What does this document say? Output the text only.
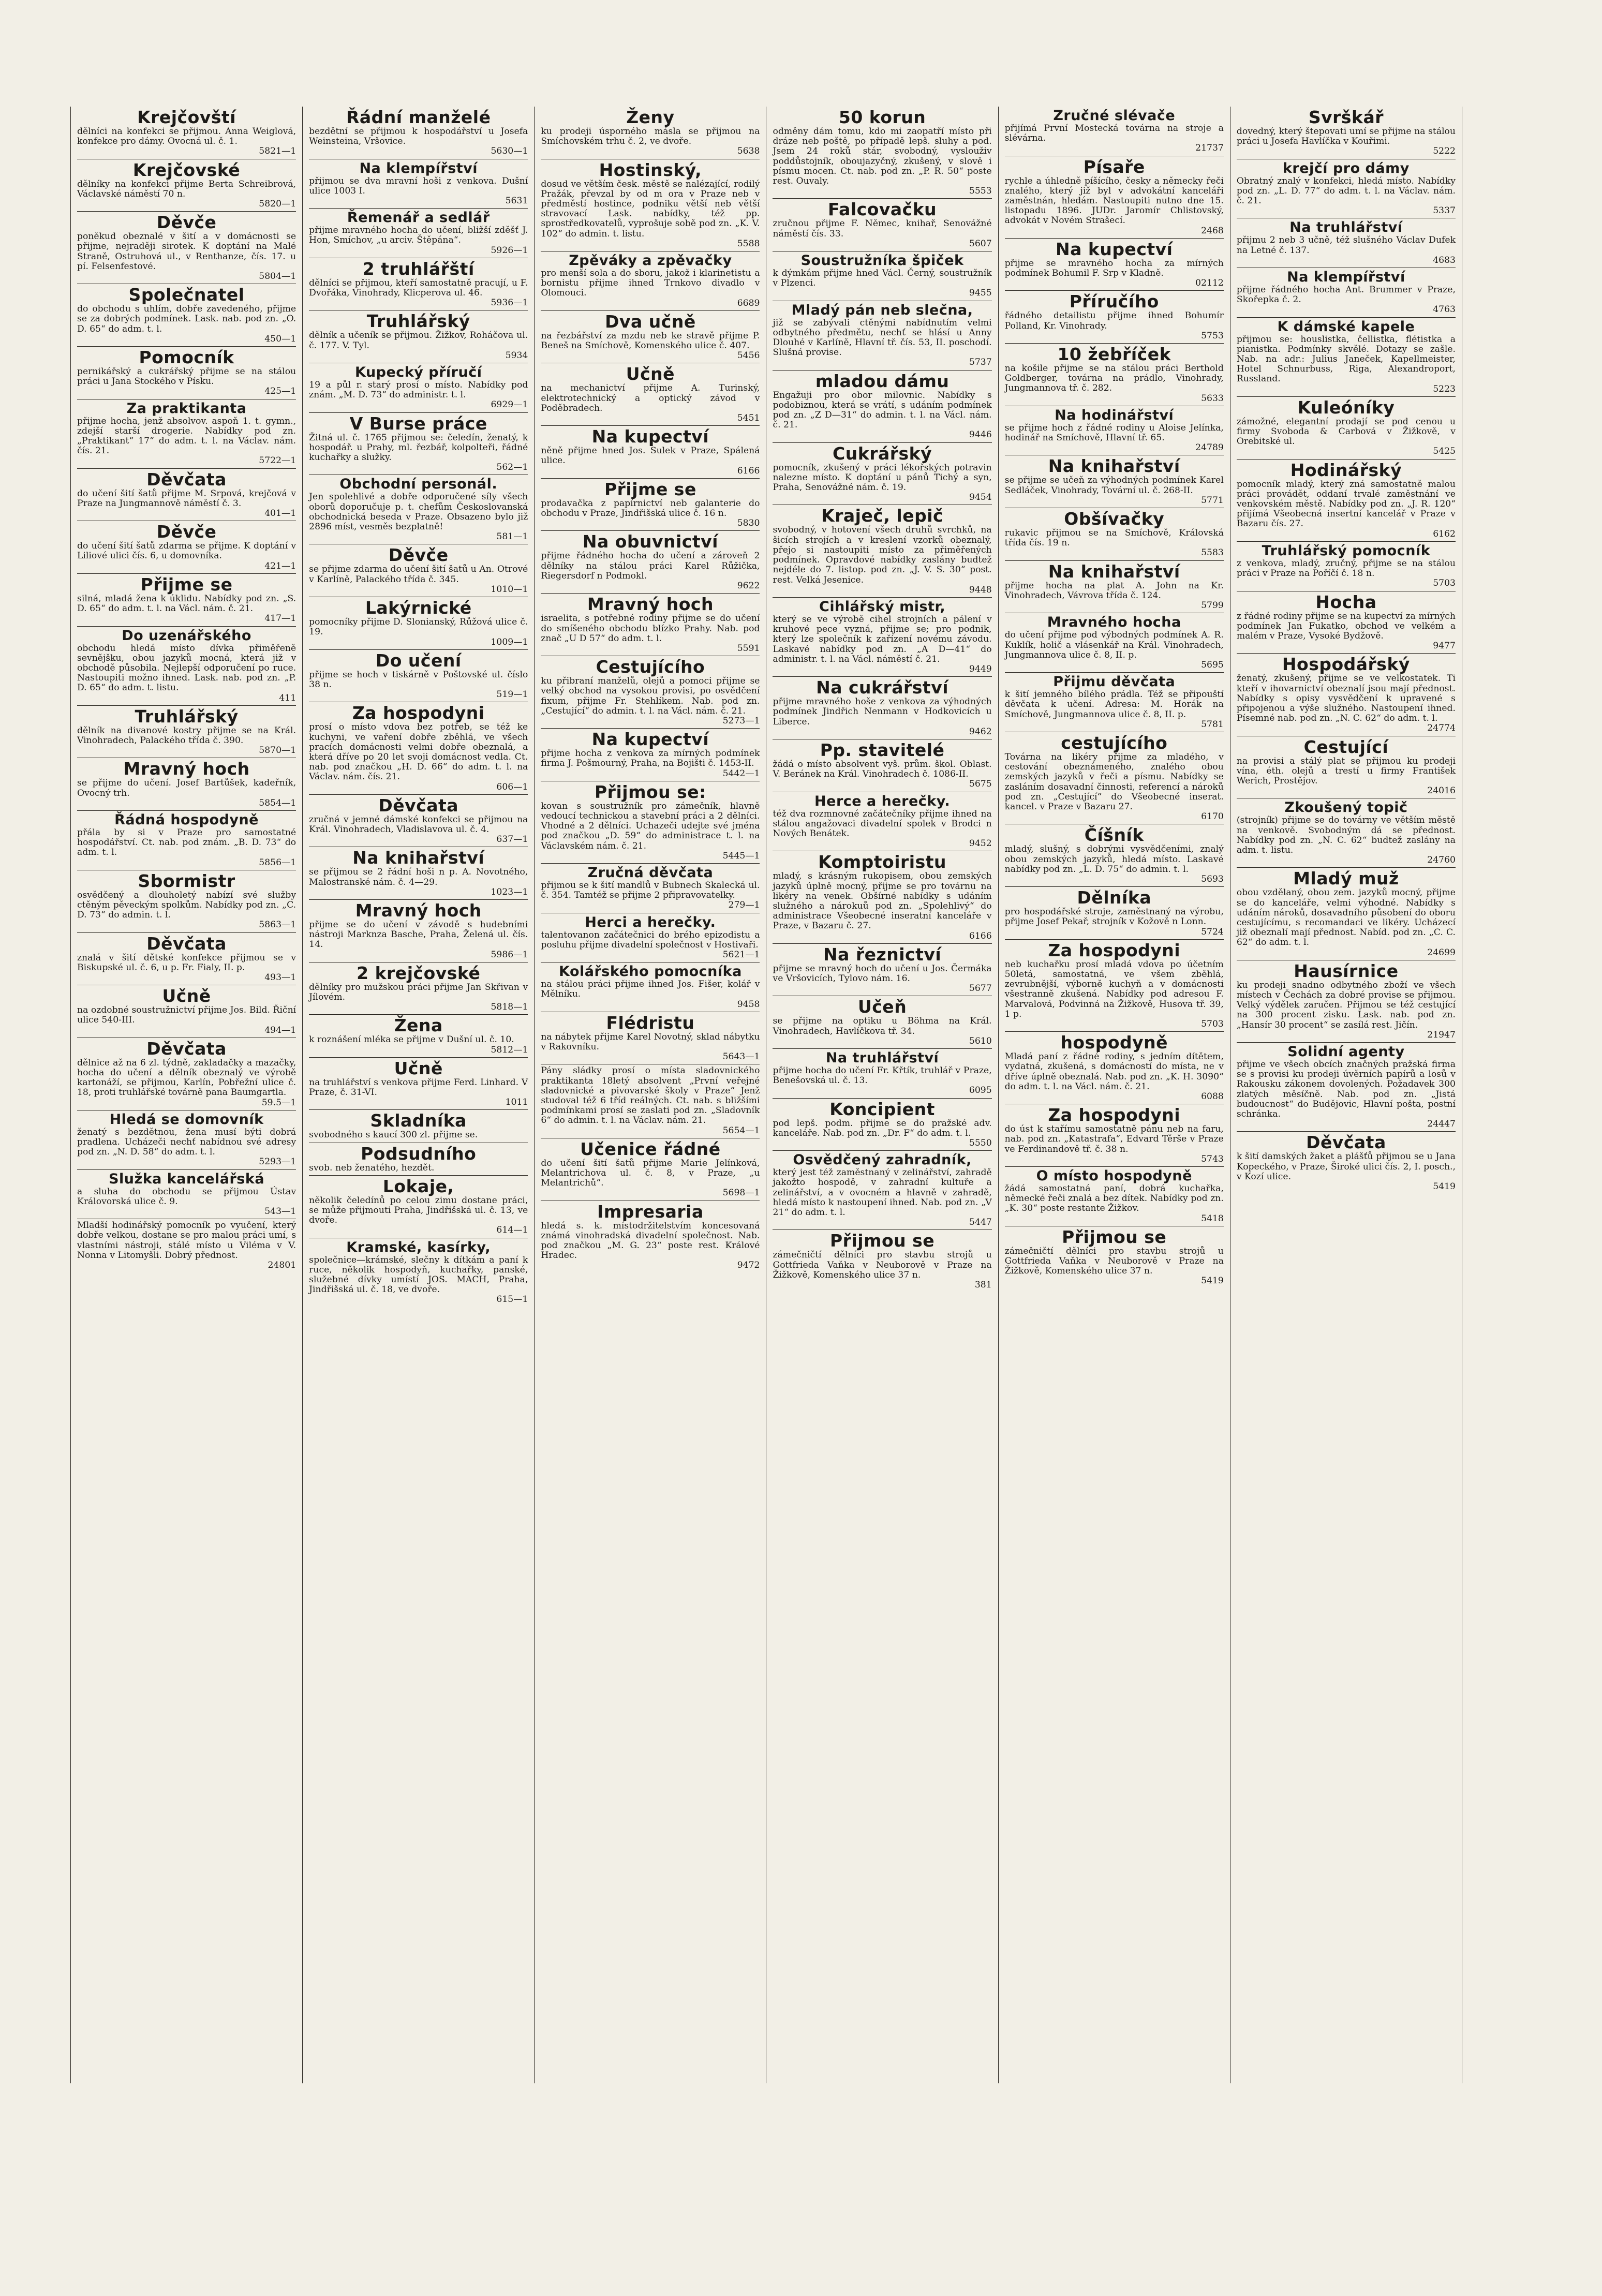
Krejčovští

dělníci na konfekci se přijmou. Anna Weiglová, konfekce pro dámy. Ovocná ul. č. 1.

5821—1

Krejčovské

dělníky na konfekci přijme Berta Schreibrová, Václavské náměstí 70 n.

5820—1

Děvče

poněkud obeznalé v šití a v domácnosti se přijme, nejraději sirotek. K doptání na Malé Straně, Ostruhová ul., v Renthanze, čís. 17. u pí. Felsenfestové.

5804—1

Společnatel

do obchodu s uhlím, dobře zavedeného, přijme se za dobrých podmínek. Lask. nab. pod zn. „O. D. 65“ do adm. t. l.

450—1

Pomocník

pernikářský a cukrářský přijme se na stálou práci u Jana Stockého v Písku.

425—1

Za praktikanta

přijme hocha, jenž absolvov. aspoň 1. t. gymn., zdejší starší drogerie. Nabídky pod zn. „Praktikant“ 17“ do adm. t. l. na Václav. nám. čís. 21.

5722—1

Děvčata

do učení šití šatů přijme M. Srpová, krejčová v Praze na Jungmannově náměstí č. 3.

401—1

Děvče

do učení šití šatů zdarma se přijme. K doptání v Liliové ulici čís. 6, u domovníka.

421—1

Přijme se

silná, mladá žena k úklidu. Nabídky pod zn. „S. D. 65“ do adm. t. l. na Václ. nám. č. 21.

417—1

Do uzenářského

obchodu hledá místo dívka přiměřeně sevnějšku, obou jazyků mocná, která již v obchodě působila. Nejlepší odporučení po ruce. Nastoupiti možno ihned. Lask. nab. pod zn. „P. D. 65“ do adm. t. listu.

411

Truhlářský

dělník na divanové kostry přijme se na Král. Vinohradech, Palackého třída č. 390.

5870—1

Mravný hoch

se přijme do učení. Josef Bartůšek, kadeřník, Ovocný trh.

5854—1

Řádná hospodyně

přála by si v Praze pro samostatné hospodářství. Ct. nab. pod znám. „B. D. 73“ do adm. t. l.

5856—1

Sbormistr

osvědčený a dlouholetý nabízí své služby ctěným pěveckým spolkům. Nabídky pod zn. „C. D. 73“ do admin. t. l.

5863—1

Děvčata

znalá v šití dětské konfekce přijmou se v Biskupské ul. č. 6, u p. Fr. Fialy, II. p.

493—1

Učně

na ozdobné soustružnictví přijme Jos. Bild. Řiční ulice 540-III.

494—1

Děvčata

dělnice až na 6 zl. týdně, zakladačky a mazačky, hocha do učení a dělník obeznalý ve výrobě kartonáží, se přijmou, Karlín, Pobřežní ulice č. 18, proti truhlářské továrně pana Baumgartla.

59.5—1

Hledá se domovník

ženatý s bezdětnou, žena musí býti dobrá pradlena. Ucházeči nechť nabídnou své adresy pod zn. „N. D. 58“ do adm. t. l.

5293—1

Služka kancelářská

a sluha do obchodu se přijmou Ústav Královorská ulice č. 9.

543—1

Mladší hodinářský pomocník po vyučení, který dobře velkou, dostane se pro malou práci umí, s vlastními nástroji, stálé místo u Viléma v V. Nonna v Litomyšli. Dobrý přednost.

24801

Řádní manželé

bezdětní se přijmou k hospodářství u Josefa Weinsteina, Vršovice.

5630—1

Na klempířství

přijmou se dva mravní hoši z venkova. Dušní ulice 1003 I.

5631

Řemenář a sedlář

přijme mravného hocha do učení, bližší zděšť J. Hon, Smíchov, „u arciv. Štěpána“.

5926—1

2 truhlářští

dělníci se přijmou, kteří samostatně pracují, u F. Dvořáka, Vinohrady, Klicperova ul. 46.

5936—1

Truhlářský

dělník a učeník se přijmou. Žižkov, Roháčova ul. č. 177. V. Tyl.

5934

Kupecký příručí

19 a půl r. starý prosí o místo. Nabídky pod znám. „M. D. 73“ do administr. t. l.

6929—1

V Burse práce

Žitná ul. č. 1765 přijmou se: čeledín, ženatý, k hospodář. u Prahy, ml. řezbář, kolpolteři, řádné kuchařky a služky.

562—1

Obchodní personál.

Jen spolehlivé a dobře odporučené síly všech oborů doporučuje p. t. chefům Českoslovanská obchodnická beseda v Praze. Obsazeno bylo již 2896 míst, vesměs bezplatně!

581—1

Děvče

se přijme zdarma do učení šití šatů u An. Otrové v Karlíně, Palackého třída č. 345.

1010—1

Lakýrnické

pomocníky přijme D. Slonianský, Růžová ulice č. 19.

1009—1

Do učení

přijme se hoch v tiskárně v Poštovské ul. číslo 38 n.

519—1

Za hospodyni

prosí o místo vdova bez potřeb, se též ke kuchyni, ve vaření dobře zběhlá, ve všech pracích domácnosti velmi dobře obeznalá, a která dříve po 20 let svoji domácnost vedla. Ct. nab. pod značkou „H. D. 66“ do adm. t. l. na Václav. nám. čís. 21.

606—1

Děvčata

zručná v jemné dámské konfekci se přijmou na Král. Vinohradech, Vladislavova ul. č. 4.

637—1

Na knihařství

se přijmou se 2 řádní hoši n p. A. Novotného, Malostranské nám. č. 4—29.

1023—1

Mravný hoch

přijme se do učení v závodě s hudebními nástroji Marknza Basche, Praha, Želená ul. čís. 14.

5986—1

2 krejčovské

dělníky pro mužskou práci přijme Jan Skřivan v Jílovém.

5818—1

Žena

k roznášení mléka se přijme v Dušní ul. č. 10.

5812—1

Učně

na truhlářství s venkova přijme Ferd. Linhard. V Praze, č. 31-VI.

1011

Skladníka

svobodného s kaucí 300 zl. přijme se.

Podsudního

svob. neb ženatého, hezdět.

Lokaje,

několik čeledínů po celou zimu dostane práci, se může přijmouti Praha, Jindřišská ul. č. 13, ve dvoře.

614—1

Kramské, kasírky,

společnice—krámské, slečny k dítkám a paní k ruce, několik hospodyň, kuchařky, panské, služebné dívky umístí JOS. MACH, Praha, Jindřišská ul. č. 18, ve dvoře.

615—1

Ženy

ku prodeji úsporného másla se přijmou na Smíchovském trhu č. 2, ve dvoře.

5638

Hostinský,

dosud ve větším česk. městě se nalézající, rodilý Pražák, převzal by od m ora v Praze neb v předměstí hostince, podniku větší neb větší stravovací Lask. nabídky, též pp. sprostředkovatelů, vyprošuje sobě pod zn. „K. V. 102“ do admin. t. listu.

5588

Zpěváky a zpěvačky

pro menší sola a do sboru, jakož i klarinetistu a bornistu přijme ihned Trnkovo divadlo v Olomouci.

6689

Dva učně

na řezbářství za mzdu neb ke stravě přijme P. Beneš na Smíchově, Komenského ulice č. 407.

5456

Učně

na mechanictví přijme A. Turinský, elektrotechnický a optický závod v Poděbradech.

5451

Na kupectví

něně přijme hned Jos. Sulek v Praze, Spálená ulice.

6166

Přijme se

prodavačka z papírnictví neb galanterie do obchodu v Praze, Jindřišská ulice č. 16 n.

5830

Na obuvnictví

přijme řádného hocha do učení a zároveň 2 dělníky na stálou práci Karel Růžička, Riegersdorf n Podmokl.

9622

Mravný hoch

israelita, s potřebné rodiny přijme se do učení do smíšeného obchodu blízko Prahy. Nab. pod znač „U D 57“ do adm. t. l.

5591

Cestujícího

ku přibraní manželů, olejů a pomoci přijme se velký obchod na vysokou provisi, po osvědčení fixum, přijme Fr. Stehlíkem. Nab. pod zn. „Cestující“ do admin. t. l. na Václ. nám. č. 21.

5273—1

Na kupectví

přijme hocha z venkova za mírných podmínek firma J. Pošmourný, Praha, na Bojišti č. 1453-II.

5442—1

Přijmou se:

kovan s soustružník pro zámečník, hlavně vedoucí technickou a stavební práci a 2 dělníci. Vhodné a 2 dělníci. Uchazeči udejte své jména pod značkou „D. 59“ do administrace t. l. na Václavském nám. č. 21.

5445—1

Zručná děvčata

přijmou se k šití mandlů v Bubnech Skalecká ul. č. 354. Tamtéž se přijme 2 připravovatelky.

279—1

Herci a herečky.

talentovanon začátečnici do brého epizodistu a posluhu přijme divadelní společnost v Hostivaři.

5621—1

Kolářského pomocníka

na stálou práci přijme ihned Jos. Fišer, kolář v Mělníku.

9458

Flédristu

na nábytek přijme Karel Novotný, sklad nábytku v Rakovníku.

5643—1

Pány sládky prosí o místa sladovnického praktikanta 18letý absolvent „První veřejné sladovnické a pivovarské školy v Praze“ Jenž studoval též 6 tříd reálných. Ct. nab. s bližšími podmínkami prosí se zaslati pod zn. „Sladovník 6“ do admin. t. l. na Václav. nám. 21.

5654—1

Učenice řádné

do učení šití šatů přijme Marie Jelínková, Melantrichova ul. č. 8, v Praze, „u Melantrichů“.

5698—1

Impresaria

hledá s. k. místodržitelstvím koncesovaná známá vinohradská divadelní společnost. Nab. pod značkou „M. G. 23“ poste rest. Králové Hradec.

9472

50 korun

odměny dám tomu, kdo mi zaopatří místo při dráze neb poště, po případě lepš. sluhy a pod. Jsem 24 roků stár, svobodný, vyslouživ poddůstojník, oboujazyčný, zkušený, v slově i písmu mocen. Ct. nab. pod zn. „P. R. 50“ poste rest. Ouvaly.

5553

Falcovačku

zručnou přijme F. Němec, knihař, Senovážné náměstí čís. 33.

5607

Soustružníka špiček

k dýmkám přijme hned Václ. Černý, soustružník v Plzenci.

9455

Mladý pán neb slečna,

již se zabývali ctěnými nabídnutím velmi odbytného předmětu, nechť se hlásí u Anny Dlouhé v Karlíně, Hlavní tř. čís. 53, II. poschodí. Slušná provise.

5737

mladou dámu

Engažuji pro obor milovnic. Nabídky s podobiznou, která se vrátí, s udáním podmínek pod zn. „Z D—31“ do admin. t. l. na Václ. nám. č. 21.

9446

Cukrářský

pomocník, zkušený v práci lékořských potravin nalezne místo. K doptání u pánů Tichý a syn, Praha, Senovážné nám. č. 19.

9454

Kraječ, lepič

svobodný, v hotovení všech druhů svrchků, na šicích strojích a v kreslení vzorků obeznalý, přejo si nastoupiti místo za přiměřených podmínek. Opravdové nabídky zaslány budtež nejdéle do 7. listop. pod zn. „J. V. S. 30“ post. rest. Velká Jesenice.

9448

Cihlářský mistr,

který se ve výrobě cihel strojních a pálení v kruhové pece vyzná, přijme se; pro podnik, který lze společník k zařízení novému závodu. Laskavé nabídky pod zn. „A D—41“ do administr. t. l. na Václ. náměstí č. 21.

9449

Na cukrářství

přijme mravného hoše z venkova za výhodných podmínek Jindřich Nenmann v Hodkovicích u Liberce.

9462

Pp. stavitelé

žádá o místo absolvent vyš. prům. škol. Oblast. V. Beránek na Král. Vinohradech č. 1086-II.

5675

Herce a herečky.

též dva rozmnovné začátečníky přijme ihned na stálou angažovaci divadelní spolek v Brodci n Nových Benátek.

9452

Komptoiristu

mladý, s krásným rukopisem, obou zemských jazyků úplně mocný, přijme se pro továrnu na likéry na venek. Obšírné nabídky s udáním služného a nárokuů pod zn. „Spolehlivý“ do administrace Všeobecné inseratní kanceláře v Praze, v Bazaru č. 27.

6166

Na řeznictví

přijme se mravný hoch do učení u Jos. Čermáka ve Vršovicích, Tylovo nám. 16.

5677

Učeň

se přijme na optiku u Böhma na Král. Vinohradech, Havlíčkova tř. 34.

5610

Na truhlářství

přijme hocha do učení Fr. Křtík, truhlář v Praze, Benešovská ul. č. 13.

6095

Koncipient

pod lepš. podm. přijme se do pražské adv. kanceláře. Nab. pod zn. „Dr. F“ do adm. t. l.

5550

Osvědčený zahradník,

který jest též zaměstnaný v zelinářství, zahradě jakožto hospodě, v zahradní kultuře a zelinářství, a v ovocném a hlavně v zahradě, hledá místo k nastoupení ihned. Nab. pod zn. „V 21“ do adm. t. l.

5447

Přijmou se

zámečničtí dělníci pro stavbu strojů u Gottfrieda Vaňka v Neuborově v Praze na Žižkově, Komenského ulice 37 n.

381

Zručné slévače

přijímá První Mostecká továrna na stroje a slévárna.

21737

Písaře

rychle a úhledně píšícího, česky a německy řeči znalého, který již byl v advokátní kanceláři zaměstnán, hledám. Nastoupiti nutno dne 15. listopadu 1896. JUDr. Jaromír Chlistovský, advokát v Novém Strašecí.

2468

Na kupectví

přijme se mravného hocha za mírných podmínek Bohumil F. Srp v Kladně.

02112

Příručího

řádného detailistu přijme ihned Bohumír Polland, Kr. Vinohrady.

5753

10 žebříček

na košile přijme se na stálou práci Berthold Goldberger, továrna na prádlo, Vinohrady, Jungmannova tř. č. 282.

5633

Na hodinářství

se přijme hoch z řádné rodiny u Aloise Jelínka, hodinář na Smíchově, Hlavní tř. 65.

24789

Na knihařství

se přijme se učeň za výhodných podmínek Karel Sedláček, Vinohrady, Tovární ul. č. 268-II.

5771

Obšívačky

rukavic přijmou se na Smíchově, Královská třída čís. 19 n.

5583

Na knihařství

přijme hocha na plat A. John na Kr. Vinohradech, Vávrova třída č. 124.

5799

Mravného hocha

do učení přijme pod výbodných podmínek A. R. Kuklík, holič a vlásenkář na Král. Vinohradech, Jungmannova ulice č. 8, II. p.

5695

Přijmu děvčata

k šití jemného bílého prádla. Též se připouští děvčata k učení. Adresa: M. Horák na Smíchově, Jungmannova ulice č. 8, II. p.

5781

cestujícího

Továrna na likéry přijme za mladého, v cestování obeznámeného, znalého obou zemských jazyků v řeči a písmu. Nabídky se zasláním dosavadní činnosti, referencí a nároků pod zn. „Cestující“ do Všeobecné inserat. kancel. v Praze v Bazaru 27.

6170

Číšník

mladý, slušný, s dobrými vysvědčeními, znalý obou zemských jazyků, hledá místo. Laskavé nabídky pod zn. „L. D. 75“ do admin. t. l.

5693

Dělníka

pro hospodářské stroje, zaměstnaný na výrobu, přijme Josef Pekař, strojník v Kožově n Lonn.

5724

Za hospodyni

neb kuchařku prosí mladá vdova po účetním 50letá, samostatná, ve všem zběhlá, zevrubnější, výborně kuchyň a v domácnosti všestranně zkušená. Nabídky pod adresou F. Marvalová, Podvinná na Žižkově, Husova tř. 39, 1 p.

5703

hospodyně

Mladá paní z řádné rodiny, s jedním dítětem, vydatná, zkušená, s domácností do místa, ne v dříve úplně obeznalá. Nab. pod zn. „K. H. 3090“ do adm. t. l. na Václ. nám. č. 21.

6088

Za hospodyni

do úst k stařímu samostatně pánu neb na faru, nab. pod zn. „Katastrafa“, Edvard Těrše v Praze ve Ferdinandově tř. č. 38 n.

5743

O místo hospodyně

žádá samostatná paní, dobrá kuchařka, německé řeči znalá a bez dítek. Nabídky pod zn. „K. 30“ poste restante Žižkov.

5418

Přijmou se

zámečničtí dělníci pro stavbu strojů u Gottfrieda Vaňka v Neuborově v Praze na Žižkově, Komenského ulice 37 n.

5419

Svrškář

dovedný, který štepovati umí se přijme na stálou práci u Josefa Havlíčka v Kouřimi.

5222

krejčí pro dámy

Obratný znalý v konfekci, hledá místo. Nabídky pod zn. „L. D. 77“ do adm. t. l. na Václav. nám. č. 21.

5337

Na truhlářství

přijmu 2 neb 3 učně, též slušného Václav Dufek na Letné č. 137.

4683

Na klempířství

přijme řádného hocha Ant. Brummer v Praze, Skořepka č. 2.

4763

K dámské kapele

přijmou se: houslistka, čellistka, flétistka a pianistka. Podmínky skvělé. Dotazy se zašle. Nab. na adr.: Julius Janeček, Kapellmeister, Hotel Schnurbuss, Riga, Alexandroport, Russland.

5223

Kuleóníky

zámožné, elegantní prodají se pod cenou u firmy Svoboda & Carbová v Žižkově, v Orebitské ul.

5425

Hodinářský

pomocník mladý, který zná samostatně malou práci provádět, oddaní trvalé zaměstnání ve venkovském městě. Nabídky pod zn. „J. R. 120“ přijímá Všeobecná insertní kancelář v Praze v Bazaru čís. 27.

6162

Truhlářský pomocník

z venkova, mladý, zručný, přijme se na stálou práci v Praze na Poříčí č. 18 n.

5703

Hocha

z řádné rodiny přijme se na kupectví za mírných podmínek Jan Fukatko, obchod ve velkém a malém v Praze, Vysoké Bydžově.

9477

Hospodářský

ženatý, zkušený, přijme se ve velkostatek. Ti kteří v ihovarnictví obeznalí jsou mají přednost. Nabídky s opisy vysvědčení k upravené s připojenou a výše služného. Nastoupení ihned. Písemné nab. pod zn. „N. C. 62“ do adm. t. l.

24774

Cestující

na provisi a stálý plat se přijmou ku prodeji vína, éth. olejů a trestí u firmy František Werich, Prostějov.

24016

Zkoušený topič

(strojník) přijme se do továrny ve větším městě na venkově. Svobodným dá se přednost. Nabídky pod zn. „N. C. 62“ budtež zaslány na adm. t. listu.

24760

Mladý muž

obou vzdělaný, obou zem. jazyků mocný, přijme se do kanceláře, velmi výhodné. Nabídky s udáním nároků, dosavadního působení do oboru cestujícímu, s recomandaci ve likéry. Ucházecí již obeznalí mají přednost. Nabíd. pod zn. „C. C. 62“ do adm. t. l.

24699

Hausírnice

ku prodeji snadno odbytného zboží ve všech místech v Čechách za dobré provise se přijmou. Velký výdělek zaručen. Přijmou se též cestující na 300 procent zisku. Lask. nab. pod zn. „Hansír 30 procent“ se zasílá rest. Jičín.

21947

Solidní agenty

přijme ve všech obcích značných pražská firma se s provisi ku prodeji úvěrních papírů a losů v Rakousku zákonem dovolených. Požadavek 300 zlatých měsíčně. Nab. pod zn. „Jistá budoucnost“ do Budějovic, Hlavní pošta, postní schránka.

24447

Děvčata

k šití damských žaket a plášťů přijmou se u Jana Kopeckého, v Praze, Široké ulici čís. 2, I. posch., v Kozí ulice.

5419
